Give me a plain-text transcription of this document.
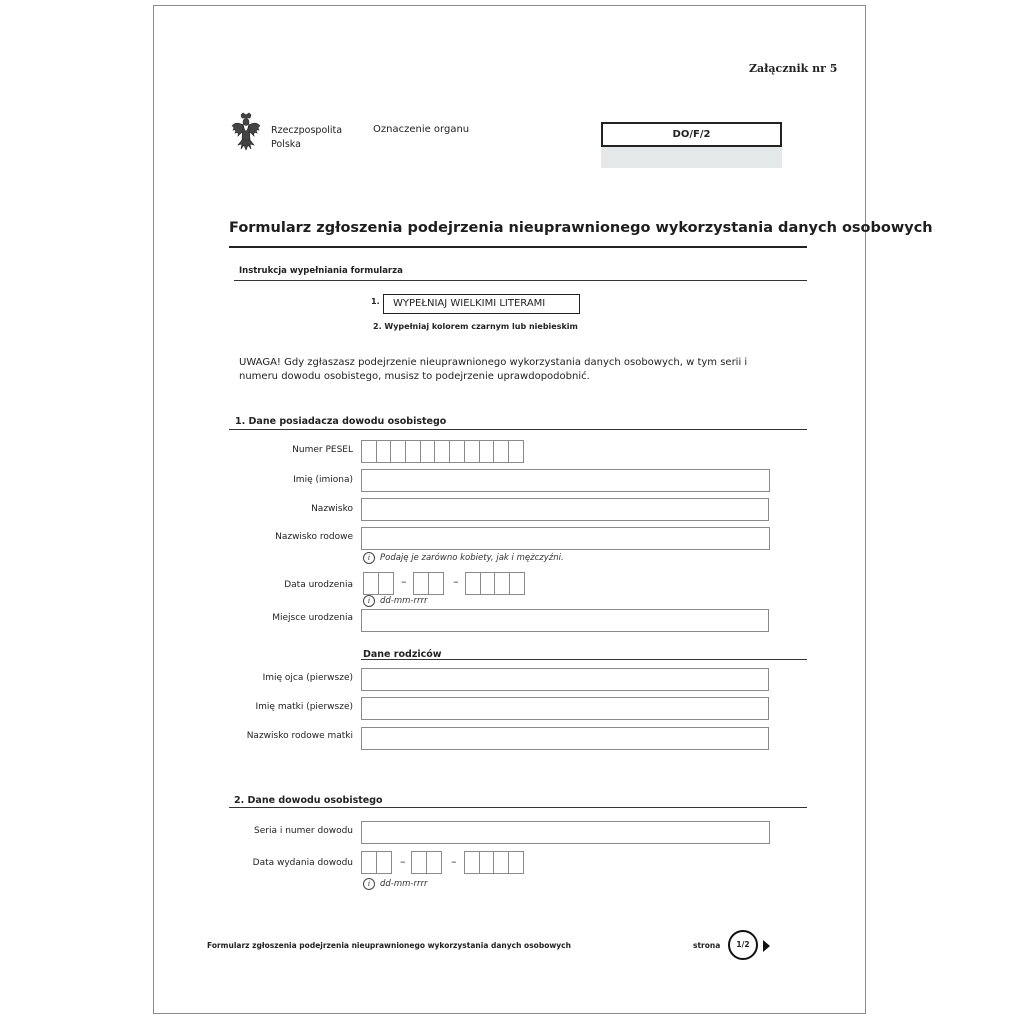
Załącznik nr 5
Rzeczpospolita
Polska
Oznaczenie organu	DO/F/2
Formularz zgłoszenia podejrzenia nieuprawnionego wykorzystania danych osobowych
Instrukcja wypełniania formularza
1.	WYPEŁNIAJ WIELKIMI LITERAMI
2. Wypełniaj kolorem czarnym lub niebieskim
UWAGA! Gdy zgłaszasz podejrzenie nieuprawnionego wykorzystania danych osobowych, w tym serii i numeru dowodu osobistego, musisz to podejrzenie uprawdopodobnić.
1. Dane posiadacza dowodu osobistego
Numer PESEL
Imię (imiona)
Nazwisko
Nazwisko rodowe
i	Podaję je zarówno kobiety, jak i mężczyźni.
Data urodzenia	–	–
i	dd-mm-rrrr
Miejsce urodzenia
Dane rodziców
Imię ojca (pierwsze)
Imię matki (pierwsze)
Nazwisko rodowe matki
2. Dane dowodu osobistego
Seria i numer dowodu
Data wydania dowodu	–	–
i	dd-mm-rrrr
Formularz zgłoszenia podejrzenia nieuprawnionego wykorzystania danych osobowych	strona	1/2
